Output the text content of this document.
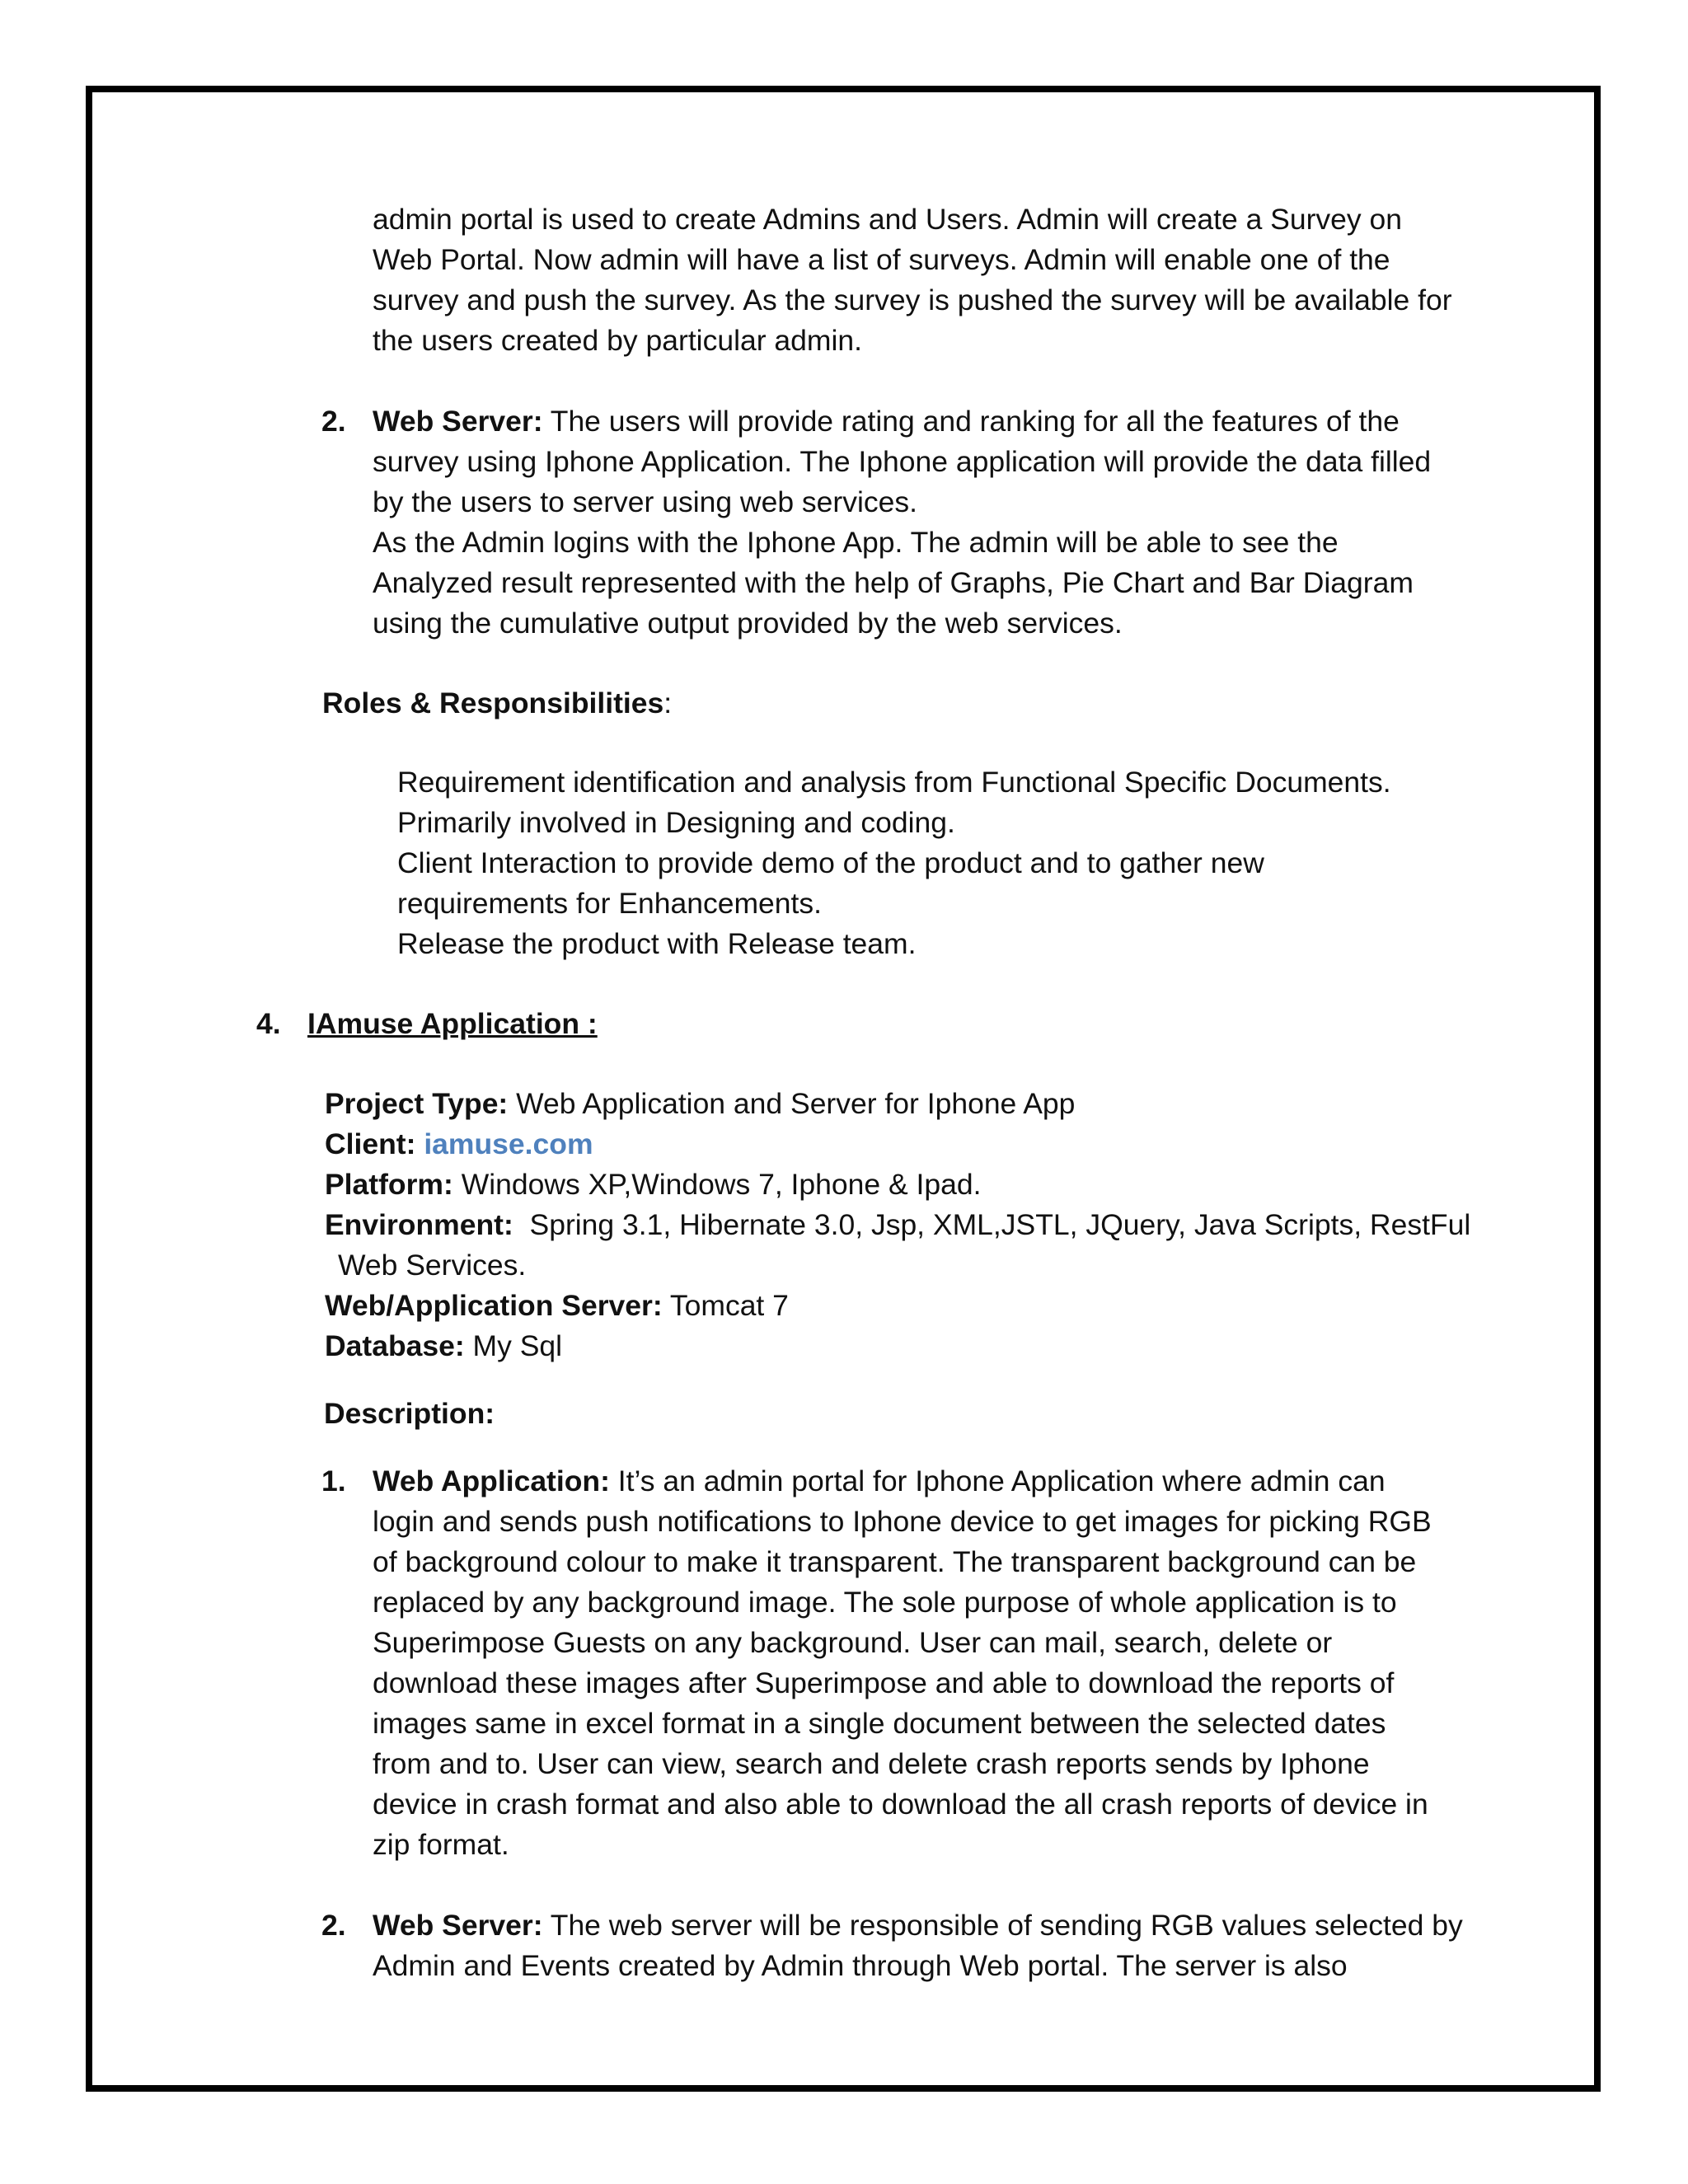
admin portal is used to create Admins and Users. Admin will create a Survey on
Web Portal. Now admin will have a list of surveys. Admin will enable one of the
survey and push the survey. As the survey is pushed the survey will be available for
the users created by particular admin.
2. Web Server: The users will provide rating and ranking for all the features of the
survey using Iphone Application. The Iphone application will provide the data filled
by the users to server using web services.
As the Admin logins with the Iphone App. The admin will be able to see the
Analyzed result represented with the help of Graphs, Pie Chart and Bar Diagram
using the cumulative output provided by the web services.
Roles & Responsibilities:
Requirement identification and analysis from Functional Specific Documents.
Primarily involved in Designing and coding.
Client Interaction to provide demo of the product and to gather new
requirements for Enhancements.
Release the product with Release team.
4. IAmuse Application :
Project Type: Web Application and Server for Iphone App
Client: iamuse.com
Platform: Windows XP,Windows 7, Iphone & Ipad.
Environment:  Spring 3.1, Hibernate 3.0, Jsp, XML,JSTL, JQuery, Java Scripts, RestFul
Web Services.
Web/Application Server: Tomcat 7
Database: My Sql
Description:
1. Web Application: It’s an admin portal for Iphone Application where admin can
login and sends push notifications to Iphone device to get images for picking RGB
of background colour to make it transparent. The transparent background can be
replaced by any background image. The sole purpose of whole application is to
Superimpose Guests on any background. User can mail, search, delete or
download these images after Superimpose and able to download the reports of
images same in excel format in a single document between the selected dates
from and to. User can view, search and delete crash reports sends by Iphone
device in crash format and also able to download the all crash reports of device in
zip format.
2. Web Server: The web server will be responsible of sending RGB values selected by
Admin and Events created by Admin through Web portal. The server is also
